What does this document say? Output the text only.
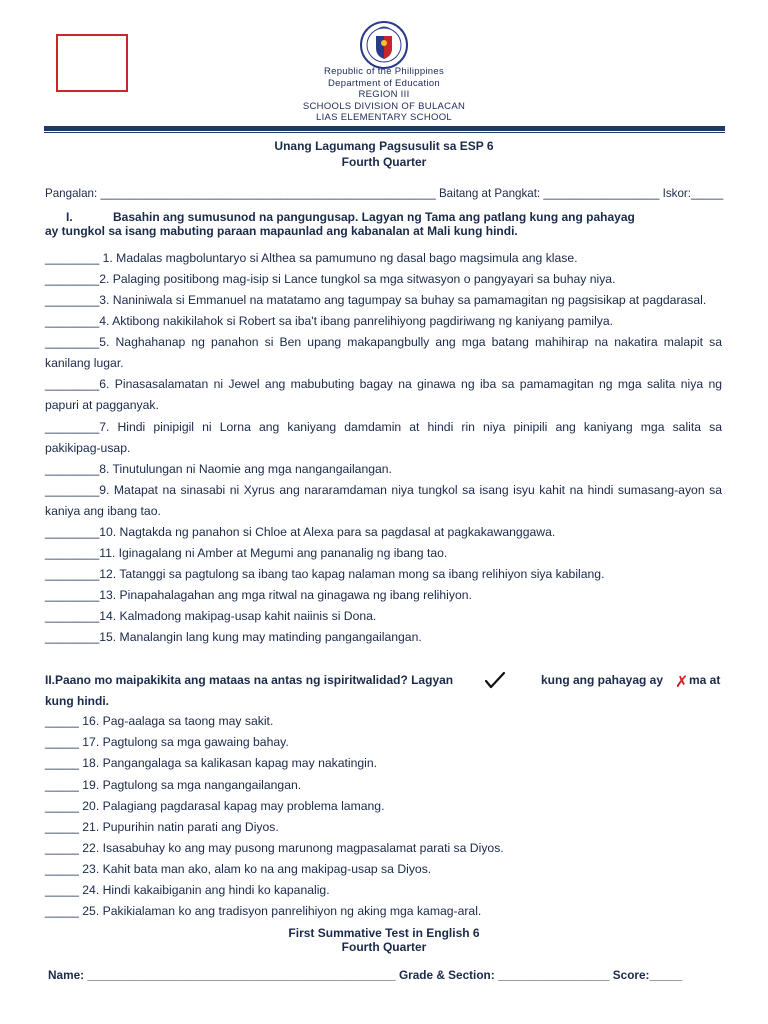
Republic of the Philippines
Department of Education
REGION III
SCHOOLS DIVISION OF BULACAN
LIAS ELEMENTARY SCHOOL
Unang Lagumang Pagsusulit sa ESP 6
Fourth Quarter
Pangalan: ____________________________________________________ Baitang at Pangkat: __________________ Iskor:_____
I.	Basahin ang sumusunod na pangungusap. Lagyan ng Tama ang patlang kung ang pahayag
ay tungkol sa isang mabuting paraan mapaunlad ang kabanalan at Mali kung hindi.
________ 1. Madalas magboluntaryo si Althea sa pamumuno ng dasal bago magsimula ang klase.
________2. Palaging positibong mag-isip si Lance tungkol sa mga sitwasyon o pangyayari sa buhay niya.
________3. Naniniwala si Emmanuel na matatamo ang tagumpay sa buhay sa pamamagitan ng pagsisikap at pagdarasal.
________4. Aktibong nakikilahok si Robert sa iba't ibang panrelihiyong pagdiriwang ng kaniyang pamilya.
________5. Naghahanap ng panahon si Ben upang makapangbully ang mga batang mahihirap na nakatira malapit sa
kanilang lugar.
________6. Pinasasalamatan ni Jewel ang mabubuting bagay na ginawa ng iba sa pamamagitan ng mga salita niya ng
papuri at pagganyak.
________7. Hindi pinipigil ni Lorna ang kaniyang damdamin at hindi rin niya pinipili ang kaniyang mga salita sa
pakikipag-usap.
________8. Tinutulungan ni Naomie ang mga nangangailangan.
________9. Matapat na sinasabi ni Xyrus ang nararamdaman niya tungkol sa isang isyu kahit na hindi sumasang-ayon sa
kaniya ang ibang tao.
________10. Nagtakda ng panahon si Chloe at Alexa para sa pagdasal at pagkakawanggawa.
________11. Iginagalang ni Amber at Megumi ang pananalig ng ibang tao.
________12. Tatanggi sa pagtulong sa ibang tao kapag nalaman mong sa ibang relihiyon siya kabilang.
________13. Pinapahalagahan ang mga ritwal na ginagawa ng ibang relihiyon.
________14. Kalmadong makipag-usap kahit naiinis si Dona.
________15. Manalangin lang kung may matinding pangangailangan.
II.Paano mo maipakikita ang mataas na antas ng ispiritwalidad? Lagyan	kung ang pahayag ay ✗ ma at
kung hindi.
_____ 16. Pag-aalaga sa taong may sakit.
_____ 17. Pagtulong sa mga gawaing bahay.
_____ 18. Pangangalaga sa kalikasan kapag may nakatingin.
_____ 19. Pagtulong sa mga nangangailangan.
_____ 20. Palagiang pagdarasal kapag may problema lamang.
_____ 21. Pupurihin natin parati ang Diyos.
_____ 22. Isasabuhay ko ang may pusong marunong magpasalamat parati sa Diyos.
_____ 23. Kahit bata man ako, alam ko na ang makipag-usap sa Diyos.
_____ 24. Hindi kakaibiganin ang hindi ko kapanalig.
_____ 25. Pakikialaman ko ang tradisyon panrelihiyon ng aking mga kamag-aral.
First Summative Test in English 6
Fourth Quarter
Name: _______________________________________________ Grade & Section: _________________ Score:_____
